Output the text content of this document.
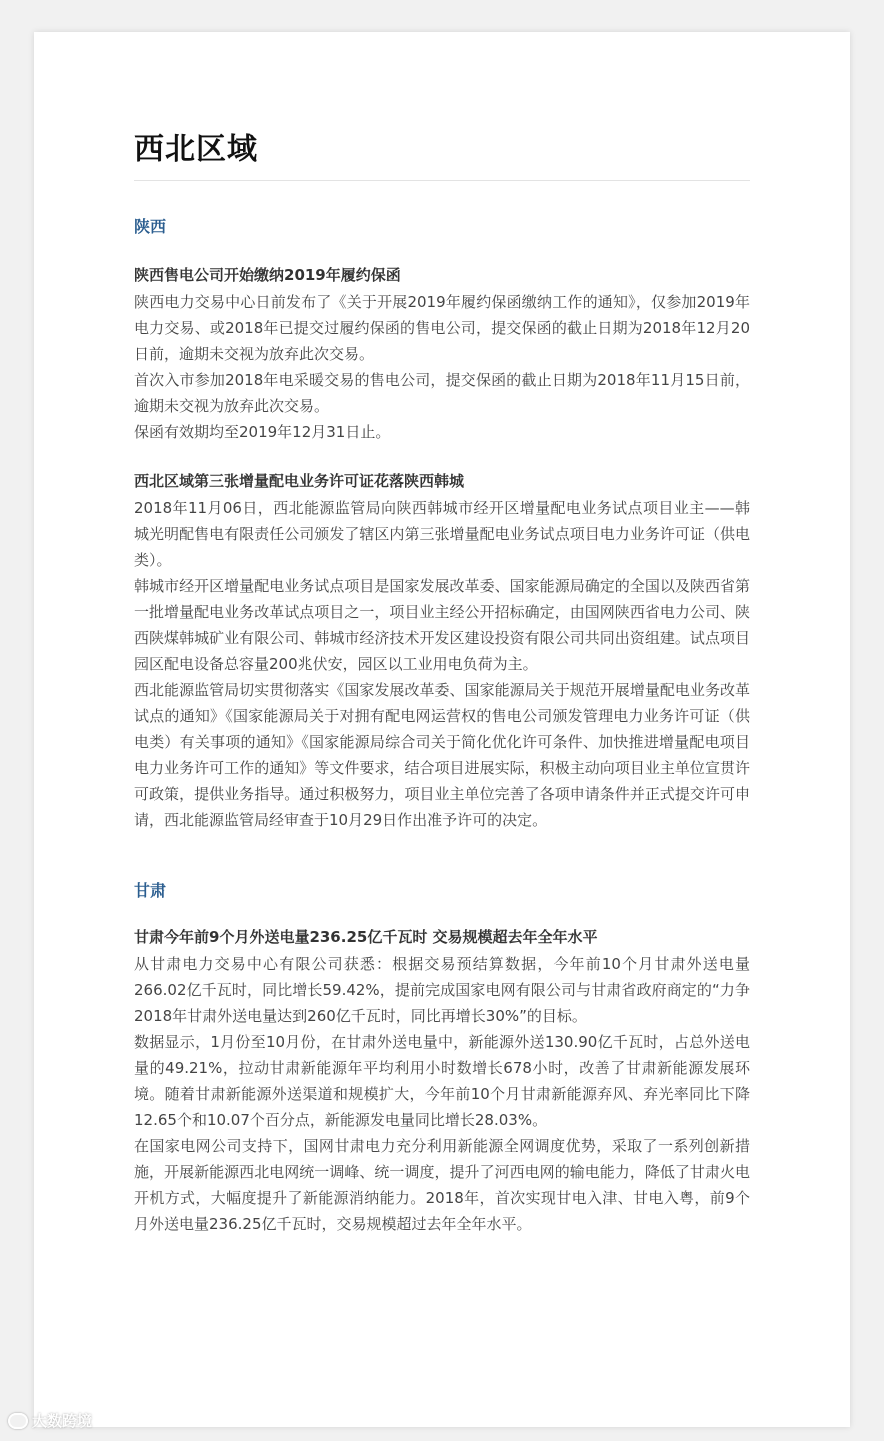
西北区域
陕西
陕西售电公司开始缴纳2019年履约保函

陕西电力交易中心日前发布了《关于开展2019年履约保函缴纳工作的通知》，仅参加2019年电力交易、或2018年已提交过履约保函的售电公司，提交保函的截止日期为2018年12月20日前，逾期未交视为放弃此次交易。

首次入市参加2018年电采暖交易的售电公司，提交保函的截止日期为2018年11月15日前，逾期未交视为放弃此次交易。

保函有效期均至2019年12月31日止。

西北区域第三张增量配电业务许可证花落陕西韩城

2018年11月06日，西北能源监管局向陕西韩城市经开区增量配电业务试点项目业主——韩城光明配售电有限责任公司颁发了辖区内第三张增量配电业务试点项目电力业务许可证（供电类）。

韩城市经开区增量配电业务试点项目是国家发展改革委、国家能源局确定的全国以及陕西省第一批增量配电业务改革试点项目之一，项目业主经公开招标确定，由国网陕西省电力公司、陕西陕煤韩城矿业有限公司、韩城市经济技术开发区建设投资有限公司共同出资组建。试点项目园区配电设备总容量200兆伏安，园区以工业用电负荷为主。

西北能源监管局切实贯彻落实《国家发展改革委、国家能源局关于规范开展增量配电业务改革试点的通知》《国家能源局关于对拥有配电网运营权的售电公司颁发管理电力业务许可证（供电类）有关事项的通知》《国家能源局综合司关于简化优化许可条件、加快推进增量配电项目电力业务许可工作的通知》等文件要求，结合项目进展实际，积极主动向项目业主单位宣贯许可政策，提供业务指导。通过积极努力，项目业主单位完善了各项申请条件并正式提交许可申请，西北能源监管局经审查于10月29日作出准予许可的决定。

甘肃
甘肃今年前9个月外送电量236.25亿千瓦时 交易规模超去年全年水平

从甘肃电力交易中心有限公司获悉：根据交易预结算数据，今年前10个月甘肃外送电量266.02亿千瓦时，同比增长59.42%，提前完成国家电网有限公司与甘肃省政府商定的“力争2018年甘肃外送电量达到260亿千瓦时，同比再增长30%”的目标。

数据显示，1月份至10月份，在甘肃外送电量中，新能源外送130.90亿千瓦时，占总外送电量的49.21%，拉动甘肃新能源年平均利用小时数增长678小时，改善了甘肃新能源发展环境。随着甘肃新能源外送渠道和规模扩大，今年前10个月甘肃新能源弃风、弃光率同比下降12.65个和10.07个百分点，新能源发电量同比增长28.03%。

在国家电网公司支持下，国网甘肃电力充分利用新能源全网调度优势，采取了一系列创新措施，开展新能源西北电网统一调峰、统一调度，提升了河西电网的输电能力，降低了甘肃火电开机方式，大幅度提升了新能源消纳能力。2018年，首次实现甘电入津、甘电入粤，前9个月外送电量236.25亿千瓦时，交易规模超过去年全年水平。

大数跨境
